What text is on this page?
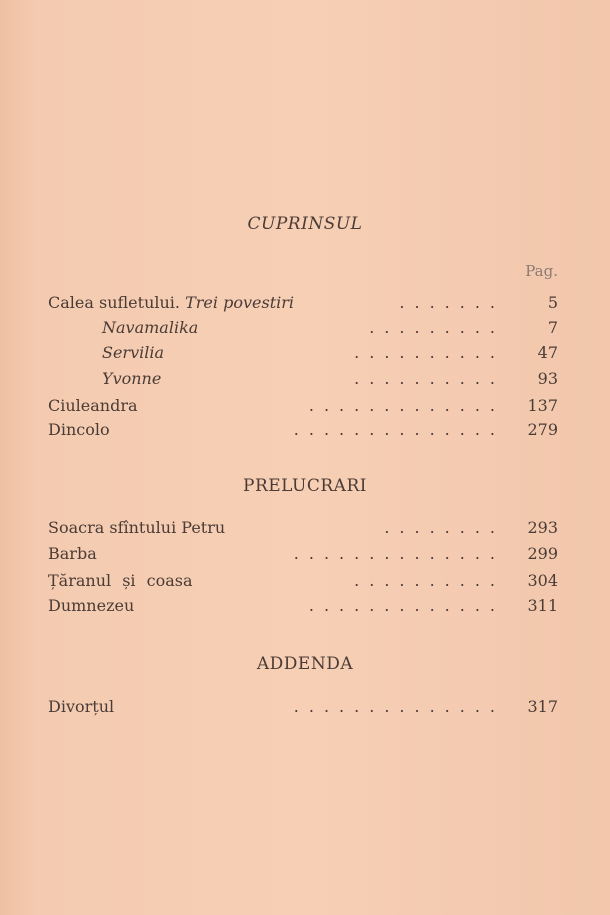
CUPRINSUL
Pag.
Calea sufletului. Trei povestiri	.......	5
Navamalika	.........	7
Servilia	.......... 47
Yvonne	.......... 93
Ciuleandra	............. 137
Dincolo	.............. 279
PRELUCRARI
Soacra sfîntului Petru	........ 293
Barba	.............. 299
Țăranul și coasa	.......... 304
Dumnezeu	............. 311
ADDENDA
Divorțul	.............. 317
